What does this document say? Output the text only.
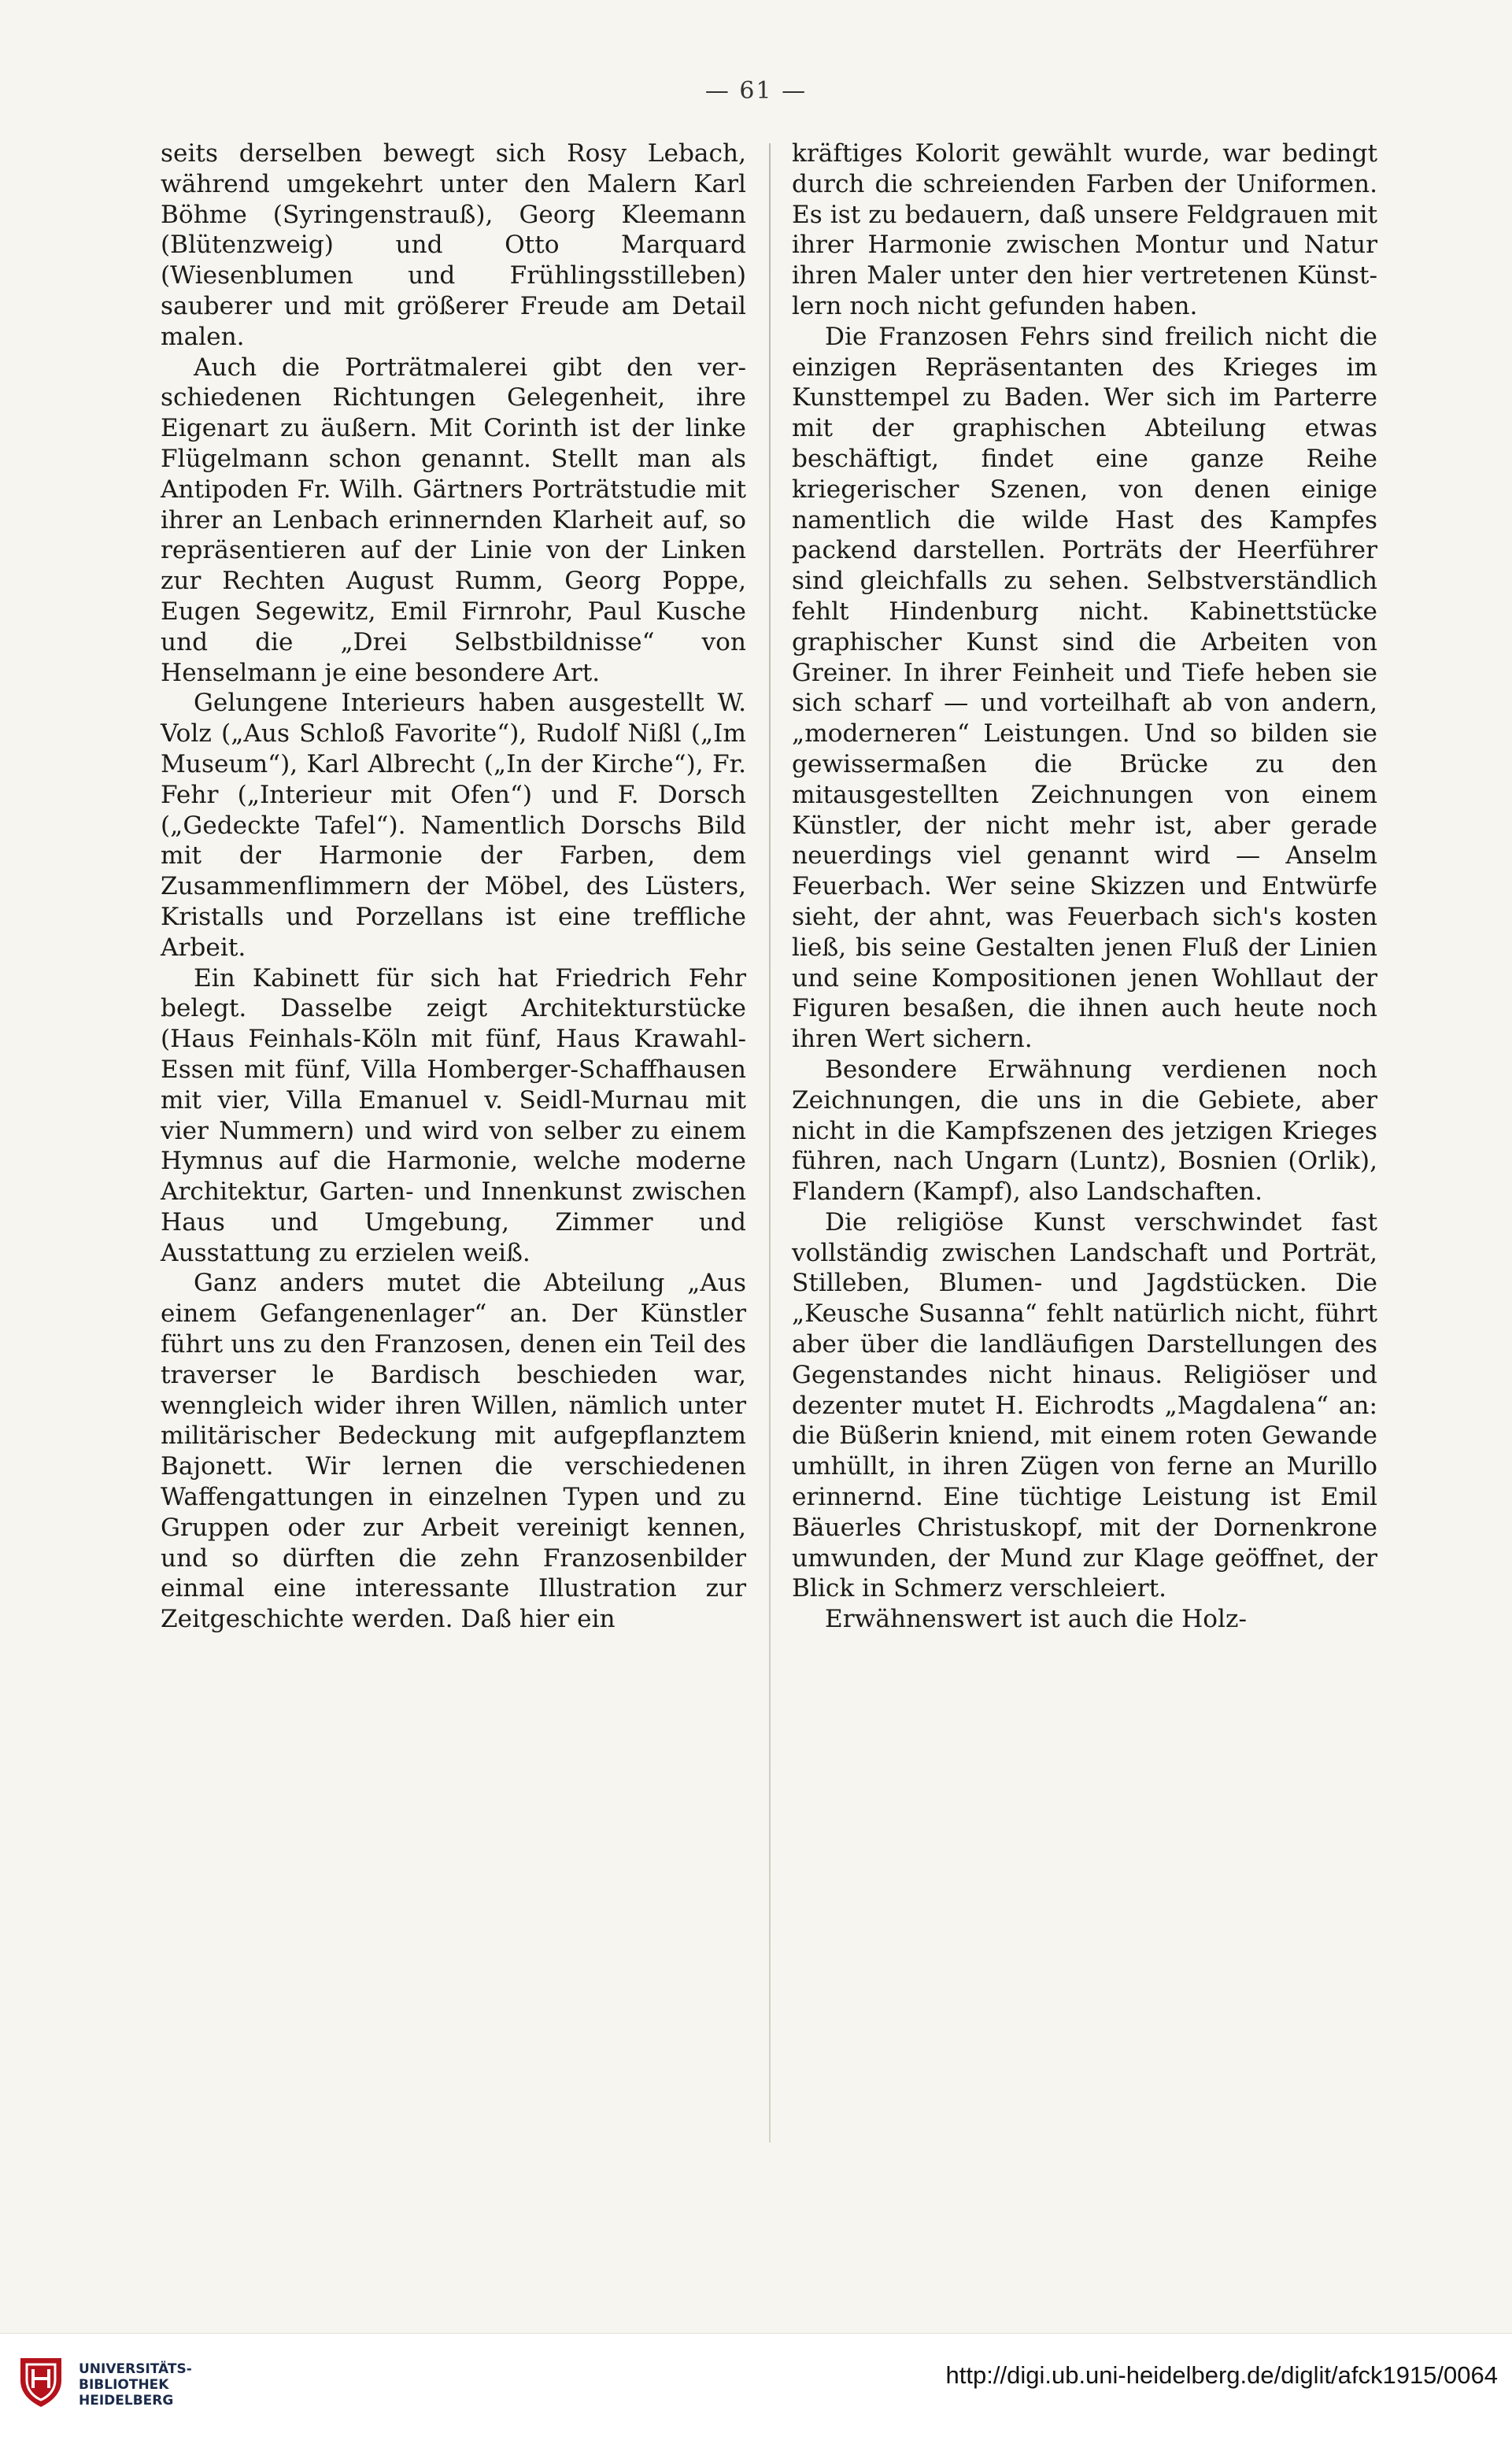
— 61 —

seits derselben bewegt sich Rosy Lebach, während umgekehrt unter den Malern Karl Böhme (Syringenstrauß), Georg Kleemann (Blütenzweig) und Otto Marquard (Wiesenblumen und Frühlingsstilleben) sauberer und mit größerer Freude am Detail malen.

Auch die Porträtmalerei gibt den verschiedenen Richtungen Gelegenheit, ihre Eigenart zu äußern. Mit Corinth ist der linke Flügelmann schon genannt. Stellt man als Antipoden Fr. Wilh. Gärtners Porträtstudie mit ihrer an Lenbach erinnernden Klarheit auf, so repräsentieren auf der Linie von der Linken zur Rechten August Rumm, Georg Poppe, Eugen Segewitz, Emil Firnrohr, Paul Kusche und die „Drei Selbstbildnisse“ von Henselmann je eine besondere Art.

Gelungene Interieurs haben ausgestellt W. Volz („Aus Schloß Favorite“), Rudolf Nißl („Im Museum“), Karl Albrecht („In der Kirche“), Fr. Fehr („Interieur mit Ofen“) und F. Dorsch („Gedeckte Tafel“). Namentlich Dorschs Bild mit der Harmonie der Farben, dem Zusammenflimmern der Möbel, des Lüsters, Kristalls und Porzellans ist eine treffliche Arbeit.

Ein Kabinett für sich hat Friedrich Fehr belegt. Dasselbe zeigt Architekturstücke (Haus Feinhals-Köln mit fünf, Haus Krawahl-Essen mit fünf, Villa Homberger-Schaffhausen mit vier, Villa Emanuel v. Seidl-Murnau mit vier Nummern) und wird von selber zu einem Hymnus auf die Harmonie, welche moderne Architektur, Garten- und Innenkunst zwischen Haus und Umgebung, Zimmer und Ausstattung zu erzielen weiß.

Ganz anders mutet die Abteilung „Aus einem Gefangenenlager“ an. Der Künstler führt uns zu den Franzosen, denen ein Teil des traverser le Bardisch beschieden war, wenngleich wider ihren Willen, nämlich unter militärischer Bedeckung mit aufgepflanztem Bajonett. Wir lernen die verschiedenen Waffengattungen in einzelnen Typen und zu Gruppen oder zur Arbeit vereinigt kennen, und so dürften die zehn Franzosenbilder einmal eine interessante Illustration zur Zeitgeschichte werden. Daß hier ein

kräftiges Kolorit gewählt wurde, war bedingt durch die schreienden Farben der Uniformen. Es ist zu bedauern, daß unsere Feldgrauen mit ihrer Harmonie zwischen Montur und Natur ihren Maler unter den hier vertretenen Künstlern noch nicht gefunden haben.

Die Franzosen Fehrs sind freilich nicht die einzigen Repräsentanten des Krieges im Kunsttempel zu Baden. Wer sich im Parterre mit der graphischen Abteilung etwas beschäftigt, findet eine ganze Reihe kriegerischer Szenen, von denen einige namentlich die wilde Hast des Kampfes packend darstellen. Porträts der Heerführer sind gleichfalls zu sehen. Selbstverständlich fehlt Hindenburg nicht. Kabinettstücke graphischer Kunst sind die Arbeiten von Greiner. In ihrer Feinheit und Tiefe heben sie sich scharf — und vorteilhaft ab von andern, „moderneren“ Leistungen. Und so bilden sie gewissermaßen die Brücke zu den mitausgestellten Zeichnungen von einem Künstler, der nicht mehr ist, aber gerade neuerdings viel genannt wird — Anselm Feuerbach. Wer seine Skizzen und Entwürfe sieht, der ahnt, was Feuerbach sich's kosten ließ, bis seine Gestalten jenen Fluß der Linien und seine Kompositionen jenen Wohllaut der Figuren besaßen, die ihnen auch heute noch ihren Wert sichern.

Besondere Erwähnung verdienen noch Zeichnungen, die uns in die Gebiete, aber nicht in die Kampfszenen des jetzigen Krieges führen, nach Ungarn (Luntz), Bosnien (Orlik), Flandern (Kampf), also Landschaften.

Die religiöse Kunst verschwindet fast vollständig zwischen Landschaft und Porträt, Stilleben, Blumen- und Jagdstücken. Die „Keusche Susanna“ fehlt natürlich nicht, führt aber über die landläufigen Darstellungen des Gegenstandes nicht hinaus. Religiöser und dezenter mutet H. Eichrodts „Magdalena“ an: die Büßerin kniend, mit einem roten Gewande umhüllt, in ihren Zügen von ferne an Murillo erinnernd. Eine tüchtige Leistung ist Emil Bäuerles Christuskopf, mit der Dornenkrone umwunden, der Mund zur Klage geöffnet, der Blick in Schmerz verschleiert.

Erwähnenswert ist auch die Holz-

UNIVERSITÄTS-
BIBLIOTHEK
HEIDELBERG
http://digi.ub.uni-heidelberg.de/diglit/afck1915/0064
